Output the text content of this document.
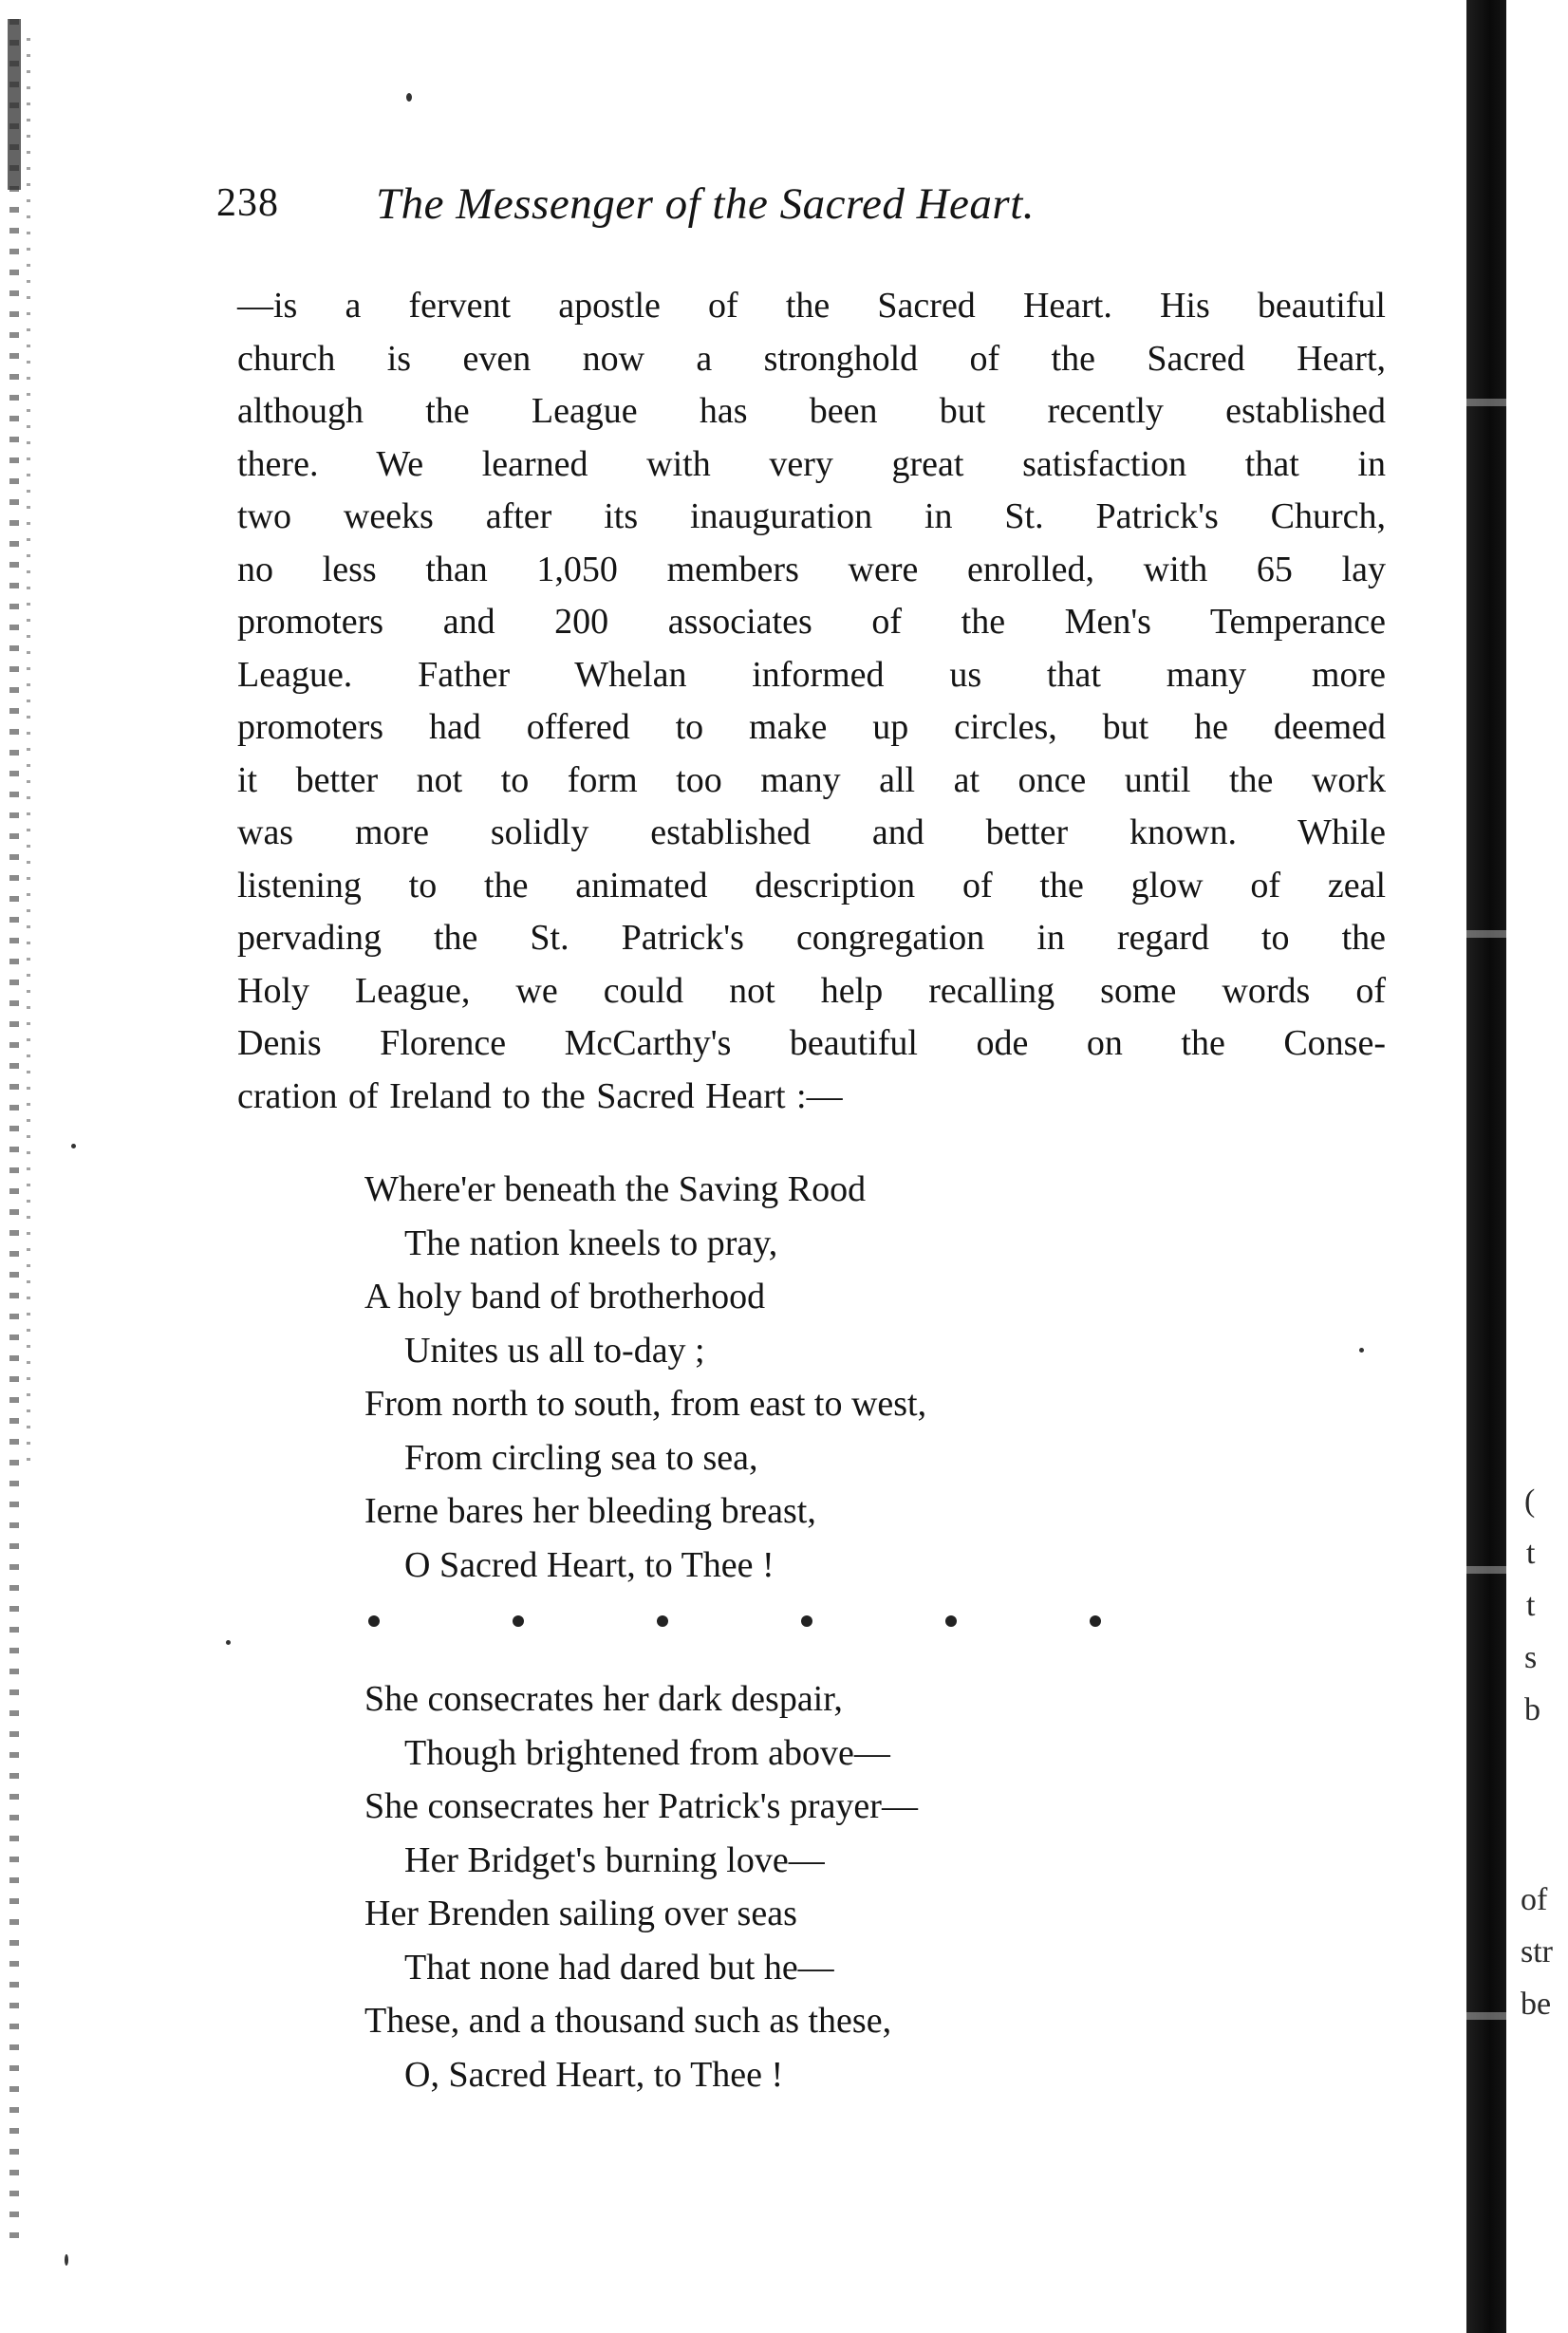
238 The Messenger of the Sacred Heart.
—is a fervent apostle of the Sacred Heart. His beautiful
church is even now a stronghold of the Sacred Heart,
although the League has been but recently established
there. We learned with very great satisfaction that in
two weeks after its inauguration in St. Patrick's Church,
no less than 1,050 members were enrolled, with 65 lay
promoters and 200 associates of the Men's Temperance
League. Father Whelan informed us that many more
promoters had offered to make up circles, but he deemed
it better not to form too many all at once until the work
was more solidly established and better known. While
listening to the animated description of the glow of zeal
pervading the St. Patrick's congregation in regard to the
Holy League, we could not help recalling some words of
Denis Florence McCarthy's beautiful ode on the Conse-
cration of Ireland to the Sacred Heart :—
Where'er beneath the Saving Rood
The nation kneels to pray,
A holy band of brotherhood
Unites us all to-day ;
From north to south, from east to west,
From circling sea to sea,
Ierne bares her bleeding breast,
O Sacred Heart, to Thee !
She consecrates her dark despair,
Though brightened from above—
She consecrates her Patrick's prayer—
Her Bridget's burning love—
Her Brenden sailing over seas
That none had dared but he—
These, and a thousand such as these,
O, Sacred Heart, to Thee !
(
t
t
s
b
of
str
be
